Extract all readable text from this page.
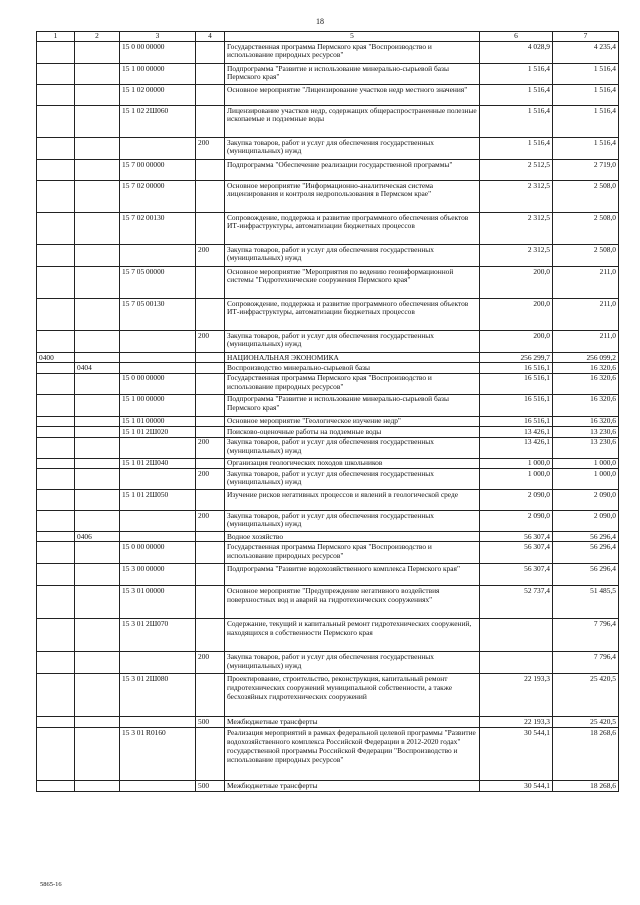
18
1	2	3	4	5	6	7
		15 0 00 00000		Государственная программа Пермского края "Воспроизводство и использование природных ресурсов"	4 028,9	4 235,4
		15 1 00 00000		Подпрограмма "Развитие и использование минерально-сырьевой базы Пермского края"	1 516,4	1 516,4
		15 1 02 00000		Основное мероприятие "Лицензирование участков недр местного значения"	1 516,4	1 516,4
		15 1 02 2Ш060		Лицензирование участков недр, содержащих общераспространенные полезные ископаемые и подземные воды	1 516,4	1 516,4
			200	Закупка товаров, работ и услуг для обеспечения государственных (муниципальных) нужд	1 516,4	1 516,4
		15 7 00 00000		Подпрограмма "Обеспечение реализации государственной программы"	2 512,5	2 719,0
		15 7 02 00000		Основное мероприятие "Информационно-аналитическая система лицензирования и контроля недропользования в Пермском крае"	2 312,5	2 508,0
		15 7 02 00130		Сопровождение, поддержка и развитие программного обеспечения объектов ИТ-инфраструктуры, автоматизации бюджетных процессов	2 312,5	2 508,0
			200	Закупка товаров, работ и услуг для обеспечения государственных (муниципальных) нужд	2 312,5	2 508,0
		15 7 05 00000		Основное мероприятие "Мероприятия по ведению геоинформационной системы "Гидротехнические сооружения Пермского края"	200,0	211,0
		15 7 05 00130		Сопровождение, поддержка и развитие программного обеспечения объектов ИТ-инфраструктуры, автоматизации бюджетных процессов	200,0	211,0
			200	Закупка товаров, работ и услуг для обеспечения государственных (муниципальных) нужд	200,0	211,0
0400				НАЦИОНАЛЬНАЯ ЭКОНОМИКА	256 299,7	256 099,2
	0404			Воспроизводство минерально-сырьевой базы	16 516,1	16 320,6
		15 0 00 00000		Государственная программа Пермского края "Воспроизводство и использование природных ресурсов"	16 516,1	16 320,6
		15 1 00 00000		Подпрограмма "Развитие и использование минерально-сырьевой базы Пермского края"	16 516,1	16 320,6
		15 1 01 00000		Основное мероприятие "Геологическое изучение недр"	16 516,1	16 320,6
		15 1 01 2Ш020		Поисково-оценочные работы на подземные воды	13 426,1	13 230,6
			200	Закупка товаров, работ и услуг для обеспечения государственных (муниципальных) нужд	13 426,1	13 230,6
		15 1 01 2Ш040		Организация геологических походов школьников	1 000,0	1 000,0
			200	Закупка товаров, работ и услуг для обеспечения государственных (муниципальных) нужд	1 000,0	1 000,0
		15 1 01 2Ш050		Изучение рисков негативных процессов и явлений в геологической среде	2 090,0	2 090,0
			200	Закупка товаров, работ и услуг для обеспечения государственных (муниципальных) нужд	2 090,0	2 090,0
	0406			Водное хозяйство	56 307,4	56 296,4
		15 0 00 00000		Государственная программа Пермского края "Воспроизводство и использование природных ресурсов"	56 307,4	56 296,4
		15 3 00 00000		Подпрограмма "Развитие водохозяйственного комплекса Пермского края"	56 307,4	56 296,4
		15 3 01 00000		Основное мероприятие "Предупреждение негативного воздействия поверхностных вод и аварий на гидротехнических сооружениях"	52 737,4	51 485,5
		15 3 01 2Ш070		Содержание, текущий и капитальный ремонт гидротехнических сооружений, находящихся в собственности Пермского края		7 796,4
			200	Закупка товаров, работ и услуг для обеспечения государственных (муниципальных) нужд		7 796,4
		15 3 01 2Ш080		Проектирование, строительство, реконструкция, капитальный ремонт гидротехнических сооружений муниципальной собственности, а также бесхозяйных гидротехнических сооружений	22 193,3	25 420,5
			500	Межбюджетные трансферты	22 193,3	25 420,5
		15 3 01 R0160		Реализация мероприятий в рамках федеральной целевой программы "Развитие водохозяйственного комплекса Российской Федерации в 2012-2020 годах" государственной программы Российской Федерации "Воспроизводство и использование природных ресурсов"	30 544,1	18 268,6
			500	Межбюджетные трансферты	30 544,1	18 268,6
5865-16
